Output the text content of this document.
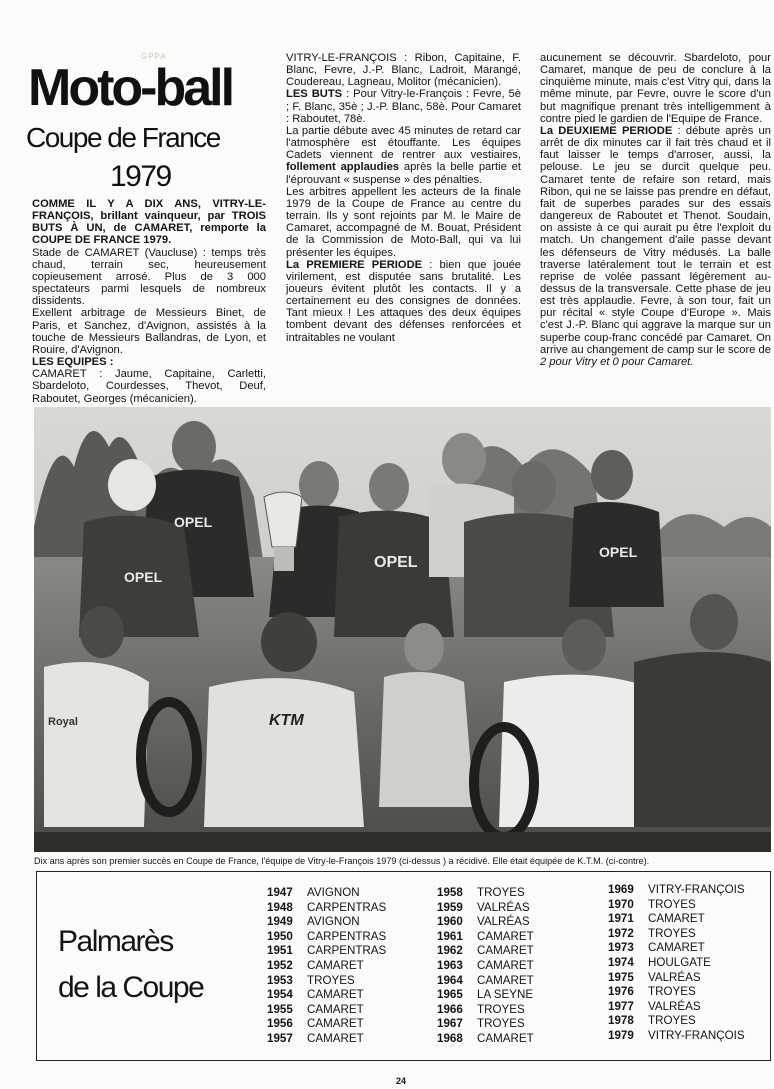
GPPA
Moto-ball
Coupe de France
1979

COMME IL Y A DIX ANS, VITRY-LE-FRANÇOIS, brillant vainqueur, par TROIS BUTS À UN, de CAMARET, remporte la COUPE DE FRANCE 1979.

Stade de CAMARET (Vaucluse) : temps très chaud, terrain sec, heureusement copieusement arrosé. Plus de 3 000 spectateurs parmi lesquels de nombreux dissidents.

Exellent arbitrage de Messieurs Binet, de Paris, et Sanchez, d'Avignon, assistés à la touche de Messieurs Ballandras, de Lyon, et Rouire, d'Avignon.

LES EQUIPES :

CAMARET : Jaume, Capitaine, Carletti, Sbardeloto, Courdesses, Thevot, Deuf, Raboutet, Georges (mécanicien).

VITRY-LE-FRANÇOIS : Ribon, Capitaine, F. Blanc, Fevre, J.-P. Blanc, Ladroit, Marangé, Coudereau, Lagneau, Molitor (mécanicien).

LES BUTS : Pour Vitry-le-François : Fevre, 5è ; F. Blanc, 35è ; J.-P. Blanc, 58è. Pour Camaret : Raboutet, 78è.

La partie débute avec 45 minutes de retard car l'atmosphère est étouffante. Les équipes Cadets viennent de rentrer aux vestiaires, follement applaudies après la belle partie et l'éprouvant « suspense » des pénalties.

Les arbitres appellent les acteurs de la finale 1979 de la Coupe de France au centre du terrain. Ils y sont rejoints par M. le Maire de Camaret, accompagné de M. Bouat, Président de la Commission de Moto-Ball, qui va lui présenter les équipes.

La PREMIERE PERIODE : bien que jouée virilement, est disputée sans brutalité. Les joueurs évitent plutôt les contacts. Il y a certainement eu des consignes de données. Tant mieux ! Les attaques des deux équipes tombent devant des défenses renforcées et intraitables ne voulant

aucunement se découvrir. Sbardeloto, pour Camaret, manque de peu de conclure à la cinquième minute, mais c'est Vitry qui, dans la même minute, par Fevre, ouvre le score d'un but magnifique prenant très intelligemment à contre pied le gardien de l'Equipe de France.

La DEUXIEME PERIODE : débute après un arrêt de dix minutes car il fait très chaud et il faut laisser le temps d'arroser, aussi, la pelouse. Le jeu se durcit quelque peu. Camaret tente de refaire son retard, mais Ribon, qui ne se laisse pas prendre en défaut, fait de superbes parades sur des essais dangereux de Raboutet et Thenot. Soudain, on assiste à ce qui aurait pu être l'exploit du match. Un changement d'aile passe devant les défenseurs de Vitry médusés. La balle traverse latéralement tout le terrain et est reprise de volée passant légèrement au-dessus de la transversale. Cette phase de jeu est très applaudie. Fevre, à son tour, fait un pur récital « style Coupe d'Europe ». Mais c'est J.-P. Blanc qui aggrave la marque sur un superbe coup-franc concédé par Camaret. On arrive au changement de camp sur le score de 2 pour Vitry et 0 pour Camaret.

OPEL
OPEL
OPEL
OPEL
Royal	KTM
Dix ans après son premier succès en Coupe de France, l'équipe de Vitry-le-François 1979 (ci-dessus ) a récidivé. Elle était équipée de K.T.M. (ci-contre).
Palmarès
de la Coupe
1947 AVIGNON
1948 CARPENTRAS
1949 AVIGNON
1950 CARPENTRAS
1951 CARPENTRAS
1952 CAMARET
1953 TROYES
1954 CAMARET
1955 CAMARET
1956 CAMARET
1957 CAMARET
1958 TROYES
1959 VALRÉAS
1960 VALRÉAS
1961 CAMARET
1962 CAMARET
1963 CAMARET
1964 CAMARET
1965 LA SEYNE
1966 TROYES
1967 TROYES
1968 CAMARET
1969 VITRY-FRANÇOIS
1970 TROYES
1971 CAMARET
1972 TROYES
1973 CAMARET
1974 HOULGATE
1975 VALRÉAS
1976 TROYES
1977 VALRÉAS
1978 TROYES
1979 VITRY-FRANÇOIS
24
